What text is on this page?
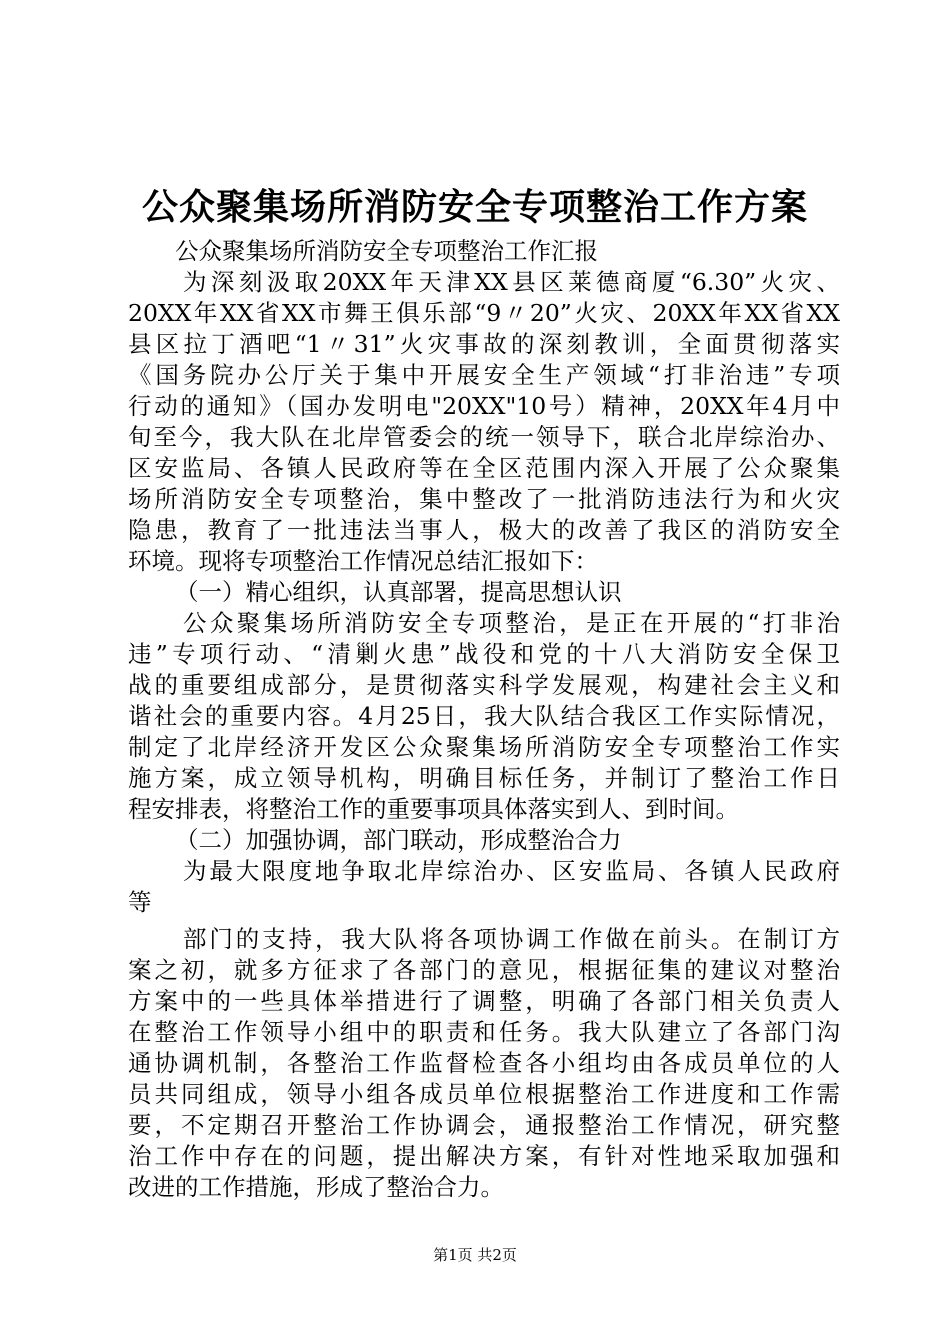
公众聚集场所消防安全专项整治工作方案
公众聚集场所消防安全专项整治工作汇报
为深刻汲取20XX年天津XX县区莱德商厦“6.30”火灾、
20XX年XX省XX市舞王俱乐部“9〃20”火灾、20XX年XX省XX
县区拉丁酒吧“1〃31”火灾事故的深刻教训，全面贯彻落实
《国务院办公厅关于集中开展安全生产领域“打非治违”专项
行动的通知》（国办发明电"20XX"10号）精神，20XX年4月中
旬至今，我大队在北岸管委会的统一领导下，联合北岸综治办、
区安监局、各镇人民政府等在全区范围内深入开展了公众聚集
场所消防安全专项整治，集中整改了一批消防违法行为和火灾
隐患，教育了一批违法当事人，极大的改善了我区的消防安全
环境。现将专项整治工作情况总结汇报如下：
（一）精心组织，认真部署，提高思想认识
公众聚集场所消防安全专项整治，是正在开展的“打非治
违”专项行动、“清剿火患”战役和党的十八大消防安全保卫
战的重要组成部分，是贯彻落实科学发展观，构建社会主义和
谐社会的重要内容。4月25日，我大队结合我区工作实际情况，
制定了北岸经济开发区公众聚集场所消防安全专项整治工作实
施方案，成立领导机构，明确目标任务，并制订了整治工作日
程安排表，将整治工作的重要事项具体落实到人、到时间。
（二）加强协调，部门联动，形成整治合力
为最大限度地争取北岸综治办、区安监局、各镇人民政府
等
部门的支持，我大队将各项协调工作做在前头。在制订方
案之初，就多方征求了各部门的意见，根据征集的建议对整治
方案中的一些具体举措进行了调整，明确了各部门相关负责人
在整治工作领导小组中的职责和任务。我大队建立了各部门沟
通协调机制，各整治工作监督检查各小组均由各成员单位的人
员共同组成，领导小组各成员单位根据整治工作进度和工作需
要，不定期召开整治工作协调会，通报整治工作情况，研究整
治工作中存在的问题，提出解决方案，有针对性地采取加强和
改进的工作措施，形成了整治合力。
第1页 共2页
